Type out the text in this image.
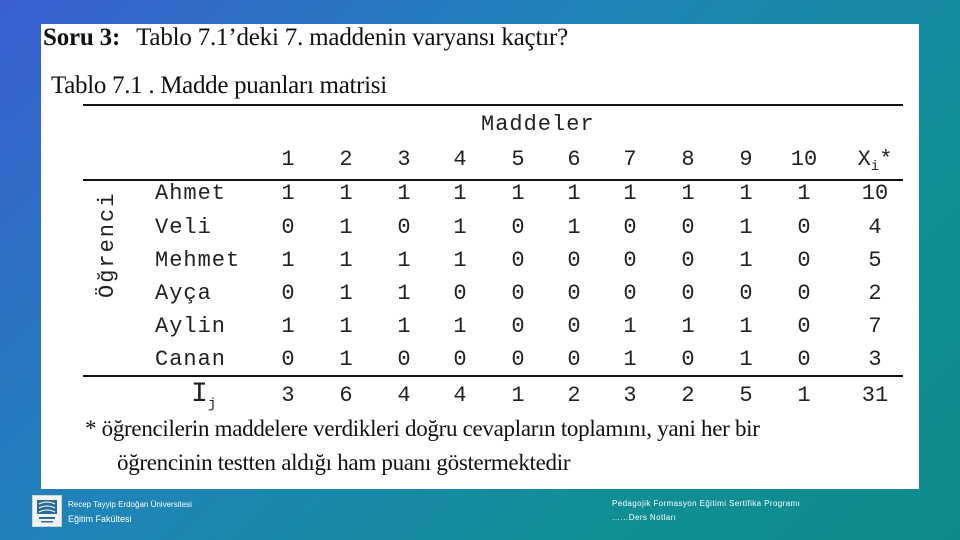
Soru 3: Tablo 7.1’deki 7. maddenin varyansı kaçtır?
Tablo 7.1 . Madde puanları matrisi
Maddeler
1	2	3	4	5	6	7	8	9	10	$X_i*$
Öğrenci Ahmet	1	1	1	1	1	1	1	1	1	1	10
Veli	0	1	0	1	0	1	0	0	1	0	4
Mehmet	1	1	1	1	0	0	0	0	1	0	5
Ayça	0	1	1	0	0	0	0	0	0	0	2
Aylin	1	1	1	1	0	0	1	1	1	0	7
Canan	0	1	0	0	0	0	1	0	1	0	3
$I_j$	3	6	4	4	1	2	3	2	5	1	31
* öğrencilerin maddelere verdikleri doğru cevapların toplamını, yani her bir
öğrencinin testten aldığı ham puanı göstermektedir
Recep Tayyip Erdoğan Üniversitesi
Eğitim Fakültesi
Pedagojik Formasyon Eğitimi Sertifika Programı
……Ders Notları
